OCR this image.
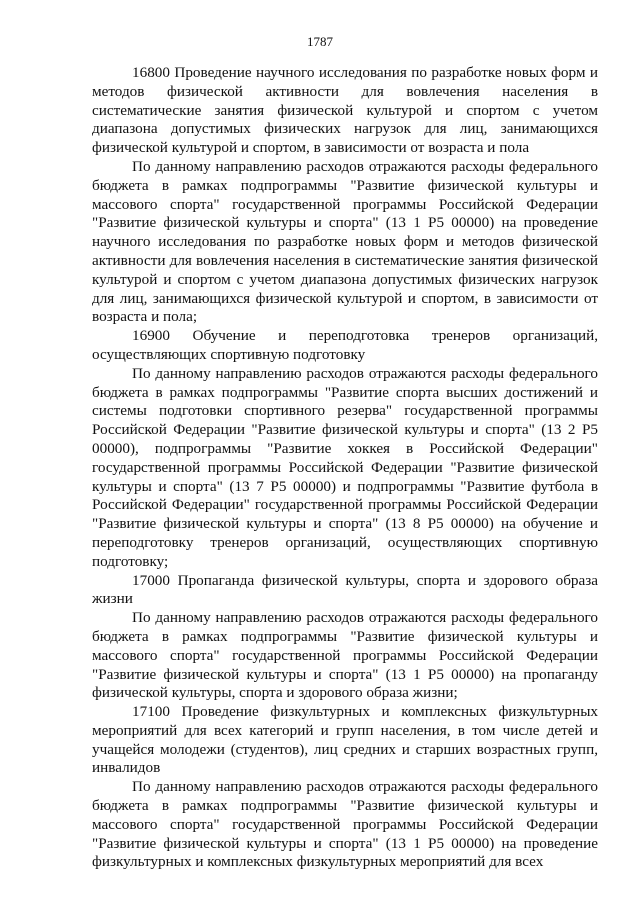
1787

16800 Проведение научного исследования по разработке новых форм и методов физической активности для вовлечения населения в систематические занятия физической культурой и спортом с учетом диапазона допустимых физических нагрузок для лиц, занимающихся физической культурой и спортом, в зависимости от возраста и пола

По данному направлению расходов отражаются расходы федерального бюджета в рамках подпрограммы "Развитие физической культуры и массового спорта" государственной программы Российской Федерации "Развитие физической культуры и спорта" (13 1 P5 00000) на проведение научного исследования по разработке новых форм и методов физической активности для вовлечения населения в систематические занятия физической культурой и спортом с учетом диапазона допустимых физических нагрузок для лиц, занимающихся физической культурой и спортом, в зависимости от возраста и пола;

16900 Обучение и переподготовка тренеров организаций, осуществляющих спортивную подготовку

По данному направлению расходов отражаются расходы федерального бюджета в рамках подпрограммы "Развитие спорта высших достижений и системы подготовки спортивного резерва" государственной программы Российской Федерации "Развитие физической культуры и спорта" (13 2 P5 00000), подпрограммы "Развитие хоккея в Российской Федерации" государственной программы Российской Федерации "Развитие физической культуры и спорта" (13 7 P5 00000) и подпрограммы "Развитие футбола в Российской Федерации" государственной программы Российской Федерации "Развитие физической культуры и спорта" (13 8 P5 00000) на обучение и переподготовку тренеров организаций, осуществляющих спортивную подготовку;

17000 Пропаганда физической культуры, спорта и здорового образа жизни

По данному направлению расходов отражаются расходы федерального бюджета в рамках подпрограммы "Развитие физической культуры и массового спорта" государственной программы Российской Федерации "Развитие физической культуры и спорта" (13 1 P5 00000) на пропаганду физической культуры, спорта и здорового образа жизни;

17100 Проведение физкультурных и комплексных физкультурных мероприятий для всех категорий и групп населения, в том числе детей и учащейся молодежи (студентов), лиц средних и старших возрастных групп, инвалидов

По данному направлению расходов отражаются расходы федерального бюджета в рамках подпрограммы "Развитие физической культуры и массового спорта" государственной программы Российской Федерации "Развитие физической культуры и спорта" (13 1 P5 00000) на проведение физкультурных и комплексных физкультурных мероприятий для всех
